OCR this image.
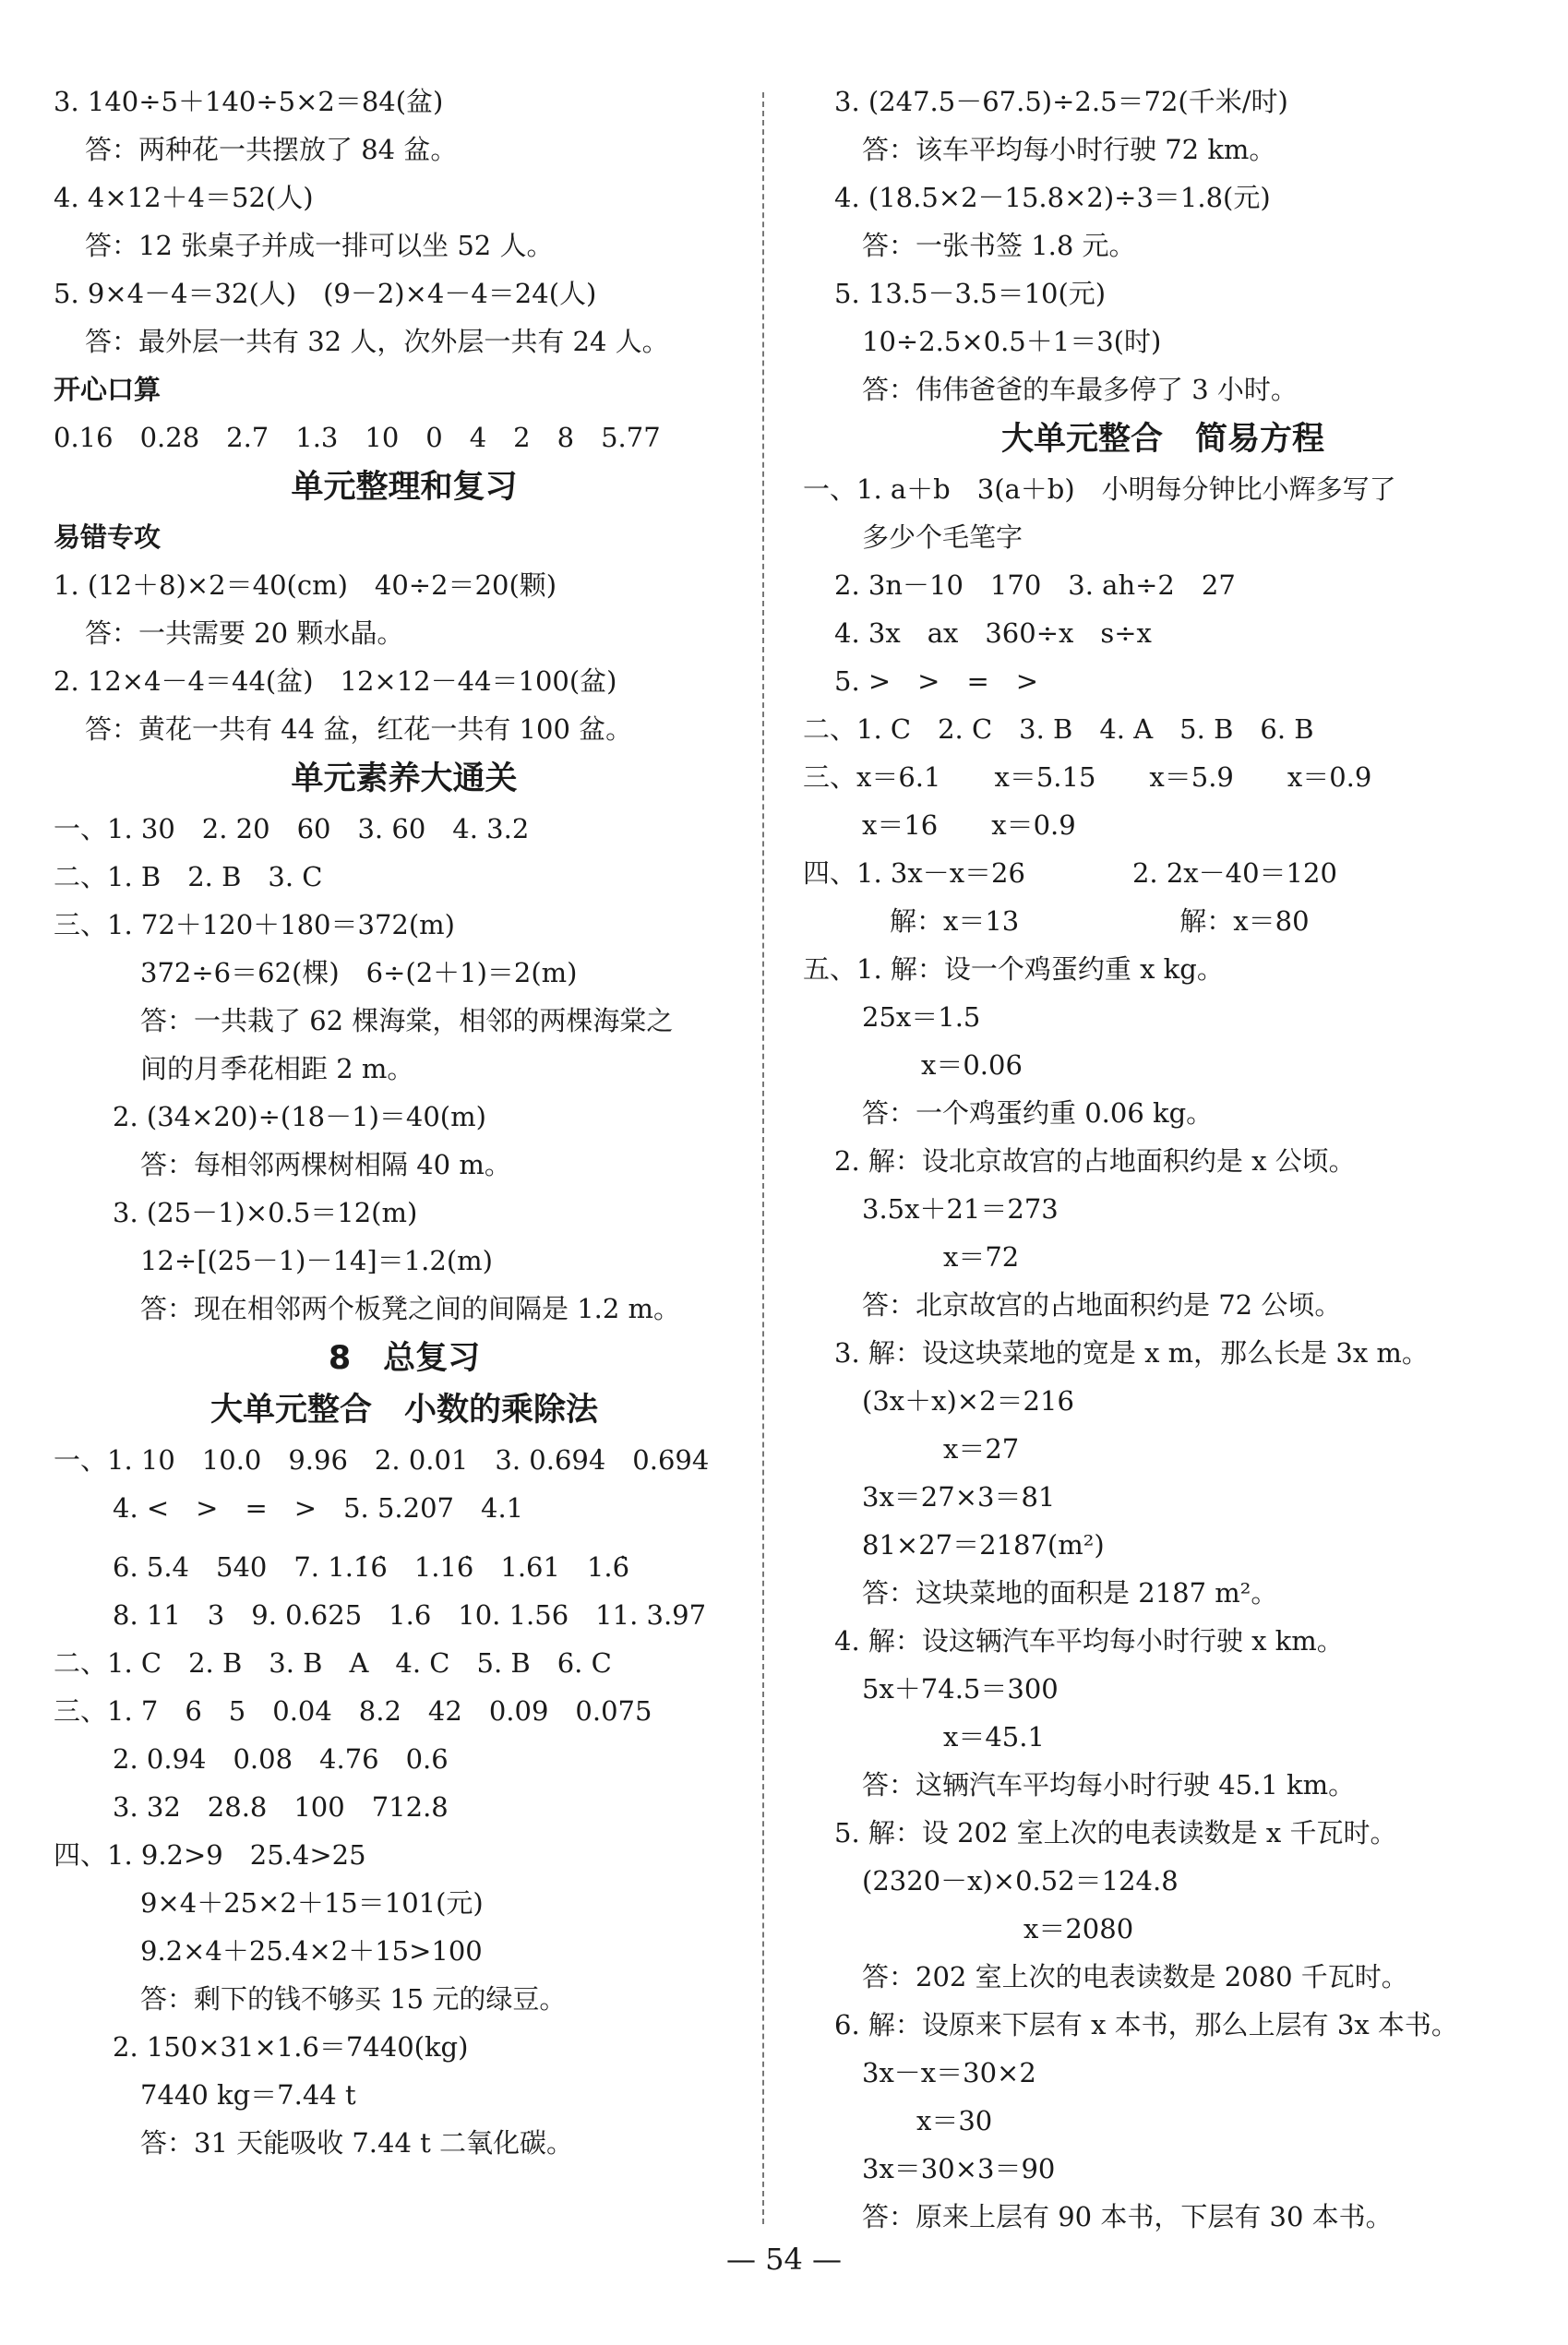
3. 140÷5＋140÷5×2＝84(盆)
答：两种花一共摆放了 84 盆。
4. 4×12＋4＝52(人)
答：12 张桌子并成一排可以坐 52 人。
5. 9×4－4＝32(人)　(9－2)×4－4＝24(人)
答：最外层一共有 32 人，次外层一共有 24 人。
开心口算
0.16　0.28　2.7　1.3　10　0　4　2　8　5.77
单元整理和复习
易错专攻
1. (12＋8)×2＝40(cm)　40÷2＝20(颗)
答：一共需要 20 颗水晶。
2. 12×4－4＝44(盆)　12×12－44＝100(盆)
答：黄花一共有 44 盆，红花一共有 100 盆。
单元素养大通关
一、1. 30　2. 20　60　3. 60　4. 3.2
二、1. B　2. B　3. C
三、1. 72＋120＋180＝372(m)
372÷6＝62(棵)　6÷(2＋1)＝2(m)
答：一共栽了 62 棵海棠，相邻的两棵海棠之
间的月季花相距 2 m。
2. (34×20)÷(18－1)＝40(m)
答：每相邻两棵树相隔 40 m。
3. (25－1)×0.5＝12(m)
12÷[(25－1)－14]＝1.2(m)
答：现在相邻两个板凳之间的间隔是 1.2 m。
8　总复习
大单元整合　小数的乘除法
一、1. 10　10.0　9.96　2. 0.01　3. 0.694̇　0.694
4. <　>　=　>　5. 5.207　4.1
6. 5.4　540　7. 1.1̇6̇　1.16̇　1.61　1.6̇
8. 11　3　9. 0.625　1.6　10. 1.56　11. 3.97
二、1. C　2. B　3. B　A　4. C　5. B　6. C
三、1. 7　6　5　0.04　8.2　42　0.09　0.075
2. 0.94　0.08　4.76　0.6
3. 32　28.8　100　712.8
四、1. 9.2>9　25.4>25
9×4＋25×2＋15＝101(元)
9.2×4＋25.4×2＋15>100
答：剩下的钱不够买 15 元的绿豆。
2. 150×31×1.6＝7440(kg)
7440 kg＝7.44 t
答：31 天能吸收 7.44 t 二氧化碳。
3. (247.5－67.5)÷2.5＝72(千米/时)
答：该车平均每小时行驶 72 km。
4. (18.5×2－15.8×2)÷3＝1.8(元)
答：一张书签 1.8 元。
5. 13.5－3.5＝10(元)
10÷2.5×0.5＋1＝3(时)
答：伟伟爸爸的车最多停了 3 小时。
大单元整合　简易方程
一、1. a＋b　3(a＋b)　小明每分钟比小辉多写了
多少个毛笔字
2. 3n－10　170　3. ah÷2　27
4. 3x　ax　360÷x　s÷x
5. >　>　=　>
二、1. C　2. C　3. B　4. A　5. B　6. B
三、x＝6.1　　x＝5.15　　x＝5.9　　x＝0.9
x＝16　　x＝0.9
四、1. 3x－x＝26　　　　2. 2x－40＝120
解：x＝13　　　　　　解：x＝80
五、1. 解：设一个鸡蛋约重 x kg。
25x＝1.5
x＝0.06
答：一个鸡蛋约重 0.06 kg。
2. 解：设北京故宫的占地面积约是 x 公顷。
3.5x＋21＝273
　　x＝72
答：北京故宫的占地面积约是 72 公顷。
3. 解：设这块菜地的宽是 x m，那么长是 3x m。
(3x＋x)×2＝216
　　x＝27
3x＝27×3＝81
81×27＝2187(m²)
答：这块菜地的面积是 2187 m²。
4. 解：设这辆汽车平均每小时行驶 x km。
5x＋74.5＝300
　　x＝45.1
答：这辆汽车平均每小时行驶 45.1 km。
5. 解：设 202 室上次的电表读数是 x 千瓦时。
(2320－x)×0.52＝124.8
　　　　　x＝2080
答：202 室上次的电表读数是 2080 千瓦时。
6. 解：设原来下层有 x 本书，那么上层有 3x 本书。
3x－x＝30×2
　x＝30
3x＝30×3＝90
答：原来上层有 90 本书，下层有 30 本书。
— 54 —
